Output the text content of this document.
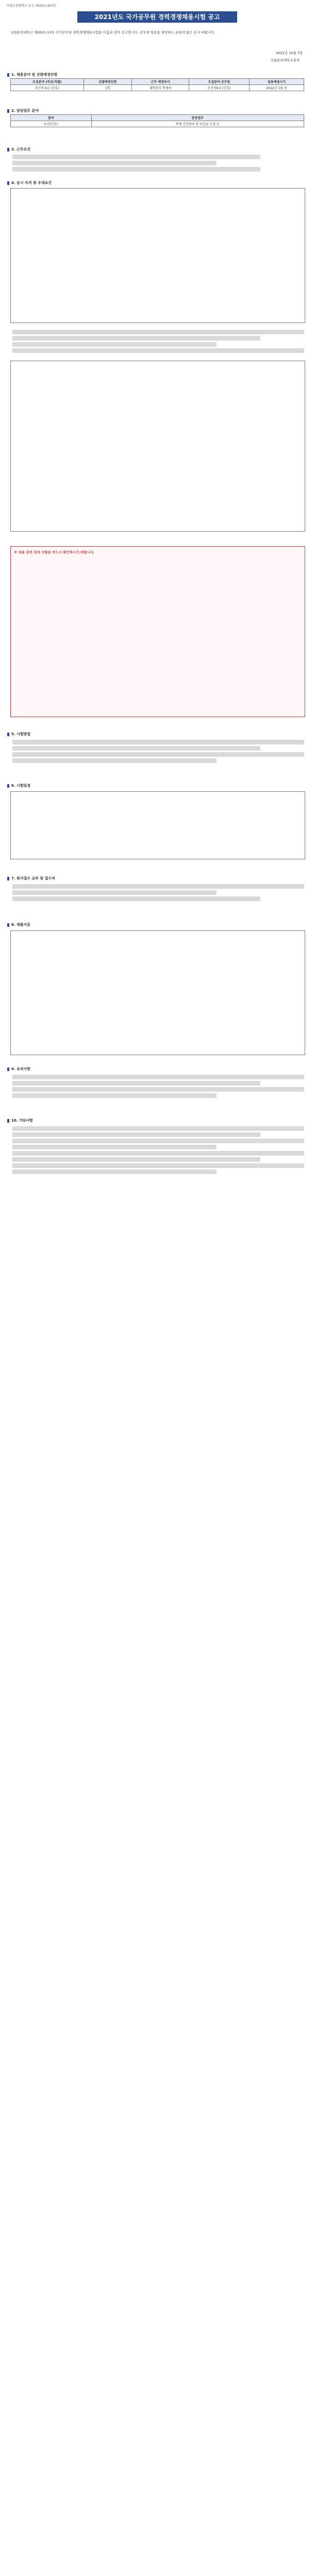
국립순천대학교 공고 제2021-307호
2021년도 국가공무원 경력경쟁채용시험 공고
국립순천대학교 제2021-13호 국가공무원 경력경쟁채용시험을 다음과 같이 공고합니다. 공무원 임용을 희망하는 분들의 많은 응시 바랍니다.
2021년 10월 7일
국립순천대학교총장
1. 채용분야 및 선발예정인원
모집분야 (직급/직렬)	선발예정인원	근무 예정부서	모집분야 공무원	임용예정시기
보건직 9급 (간호)	1명	대학본부 학생처	보건직9급 (간호)	2022년 1월 중
2. 담당업무 분야
분야	담당업무
보건(간호)	학생 건강관리 및 보건실 운영 등
3. 근무조건
4. 응시 자격 및 우대요건
※ 채용 관련 주의 사항을 반드시 확인하시기 바랍니다.
5. 시험방법
6. 시험일정
7. 원서접수 교부 및 접수처
8. 제출서류
9. 유의사항
10. 기타사항
